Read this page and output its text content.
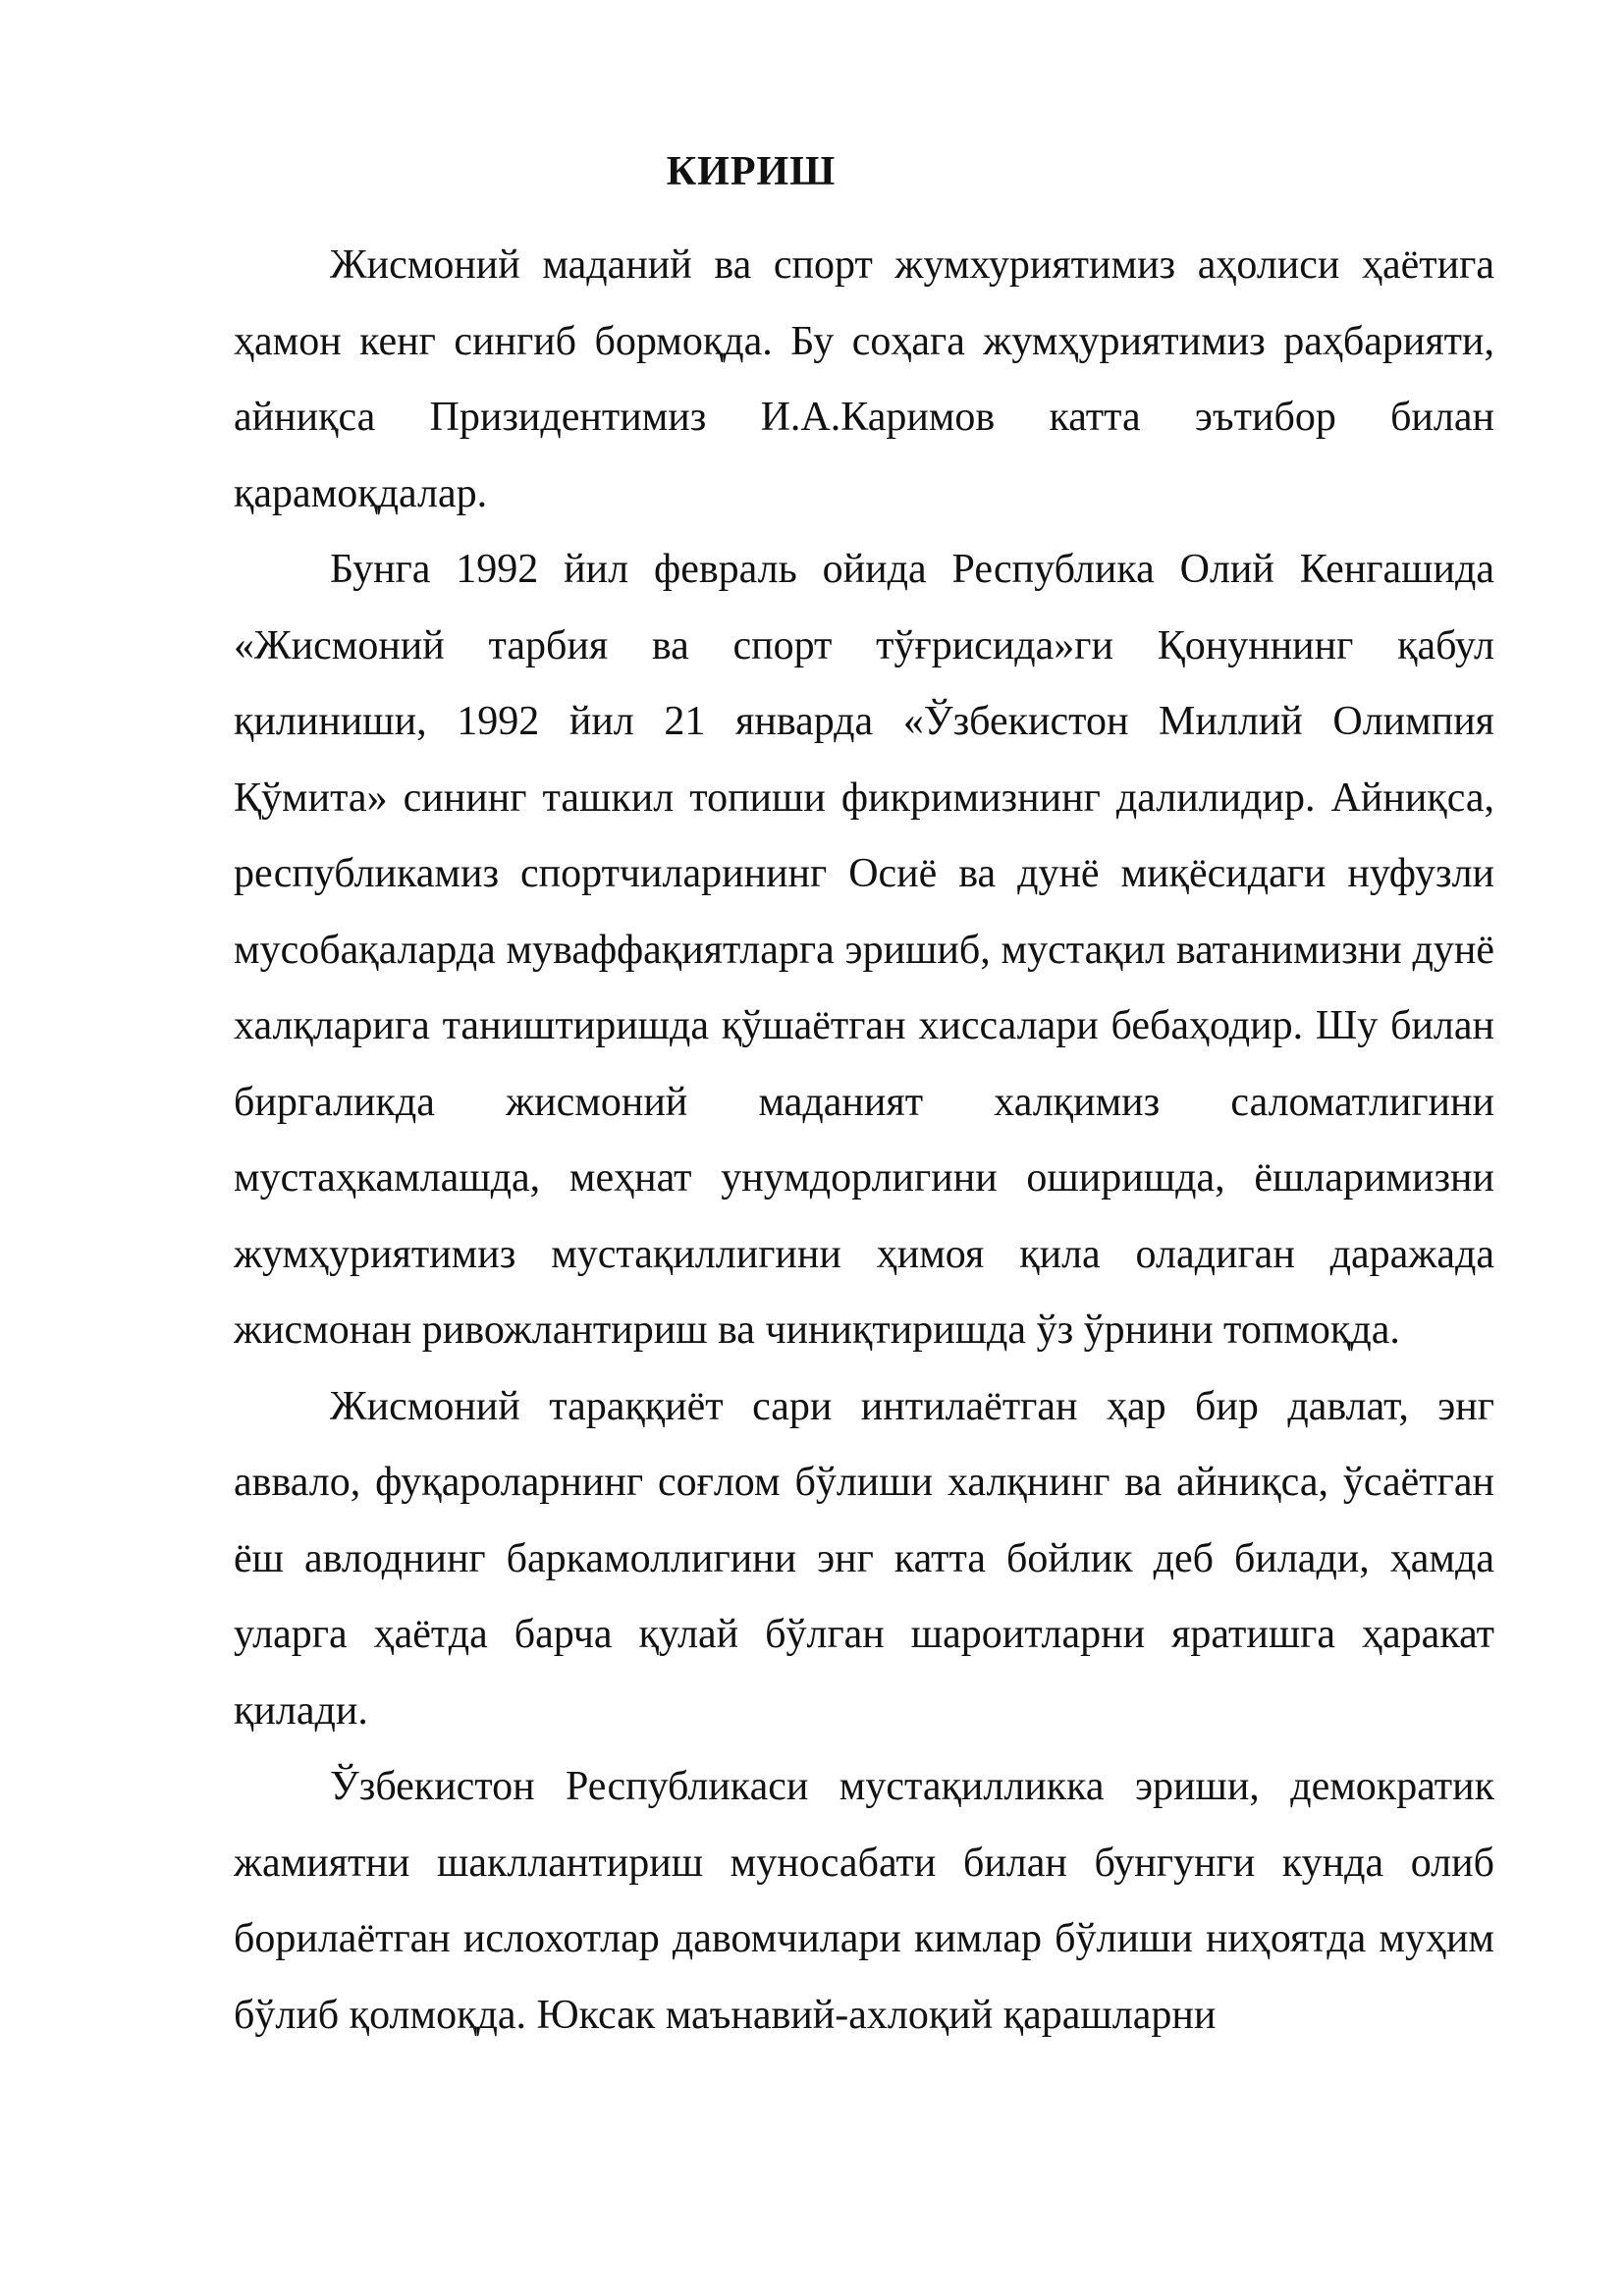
КИРИШ

Жисмоний маданий ва спорт жумхуриятимиз аҳолиси ҳаётига ҳамон кенг сингиб бормоқда. Бу соҳага жумҳуриятимиз раҳбарияти, айниқса Призидентимиз И.А.Каримов катта эътибор билан қарамоқдалар.

Бунга 1992 йил февраль ойида Республика Олий Кенгашида «Жисмоний тарбия ва спорт тўғрисида»ги Қонуннинг қабул қилиниши, 1992 йил 21 январда «Ўзбекистон Миллий Олимпия Қўмита» сининг ташкил топиши фикримизнинг далилидир. Айниқса, республикамиз спортчиларининг Осиё ва дунё миқёсидаги нуфузли мусобақаларда муваффақиятларга эришиб, мустақил ватанимизни дунё халқларига таништиришда қўшаётган хиссалари бебаҳодир. Шу билан биргаликда жисмоний маданият халқимиз саломатлигини мустаҳкамлашда, меҳнат унумдорлигини оширишда, ёшларимизни жумҳуриятимиз мустақиллигини ҳимоя қила оладиган даражада жисмонан ривожлантириш ва чиниқтиришда ўз ўрнини топмоқда.

Жисмоний тараққиёт сари интилаётган ҳар бир давлат, энг аввало, фуқароларнинг соғлом бўлиши халқнинг ва айниқса, ўсаётган ёш авлоднинг баркамоллигини энг катта бойлик деб билади, ҳамда уларга ҳаётда барча қулай бўлган шароитларни яратишга ҳаракат қилади.

Ўзбекистон Республикаси мустақилликка эриши, демократик жамиятни шакллантириш муносабати билан бунгунги кунда олиб борилаётган ислохотлар давомчилари кимлар бўлиши ниҳоятда муҳим бўлиб қолмоқда. Юксак маънавий-ахлоқий қарашларни
